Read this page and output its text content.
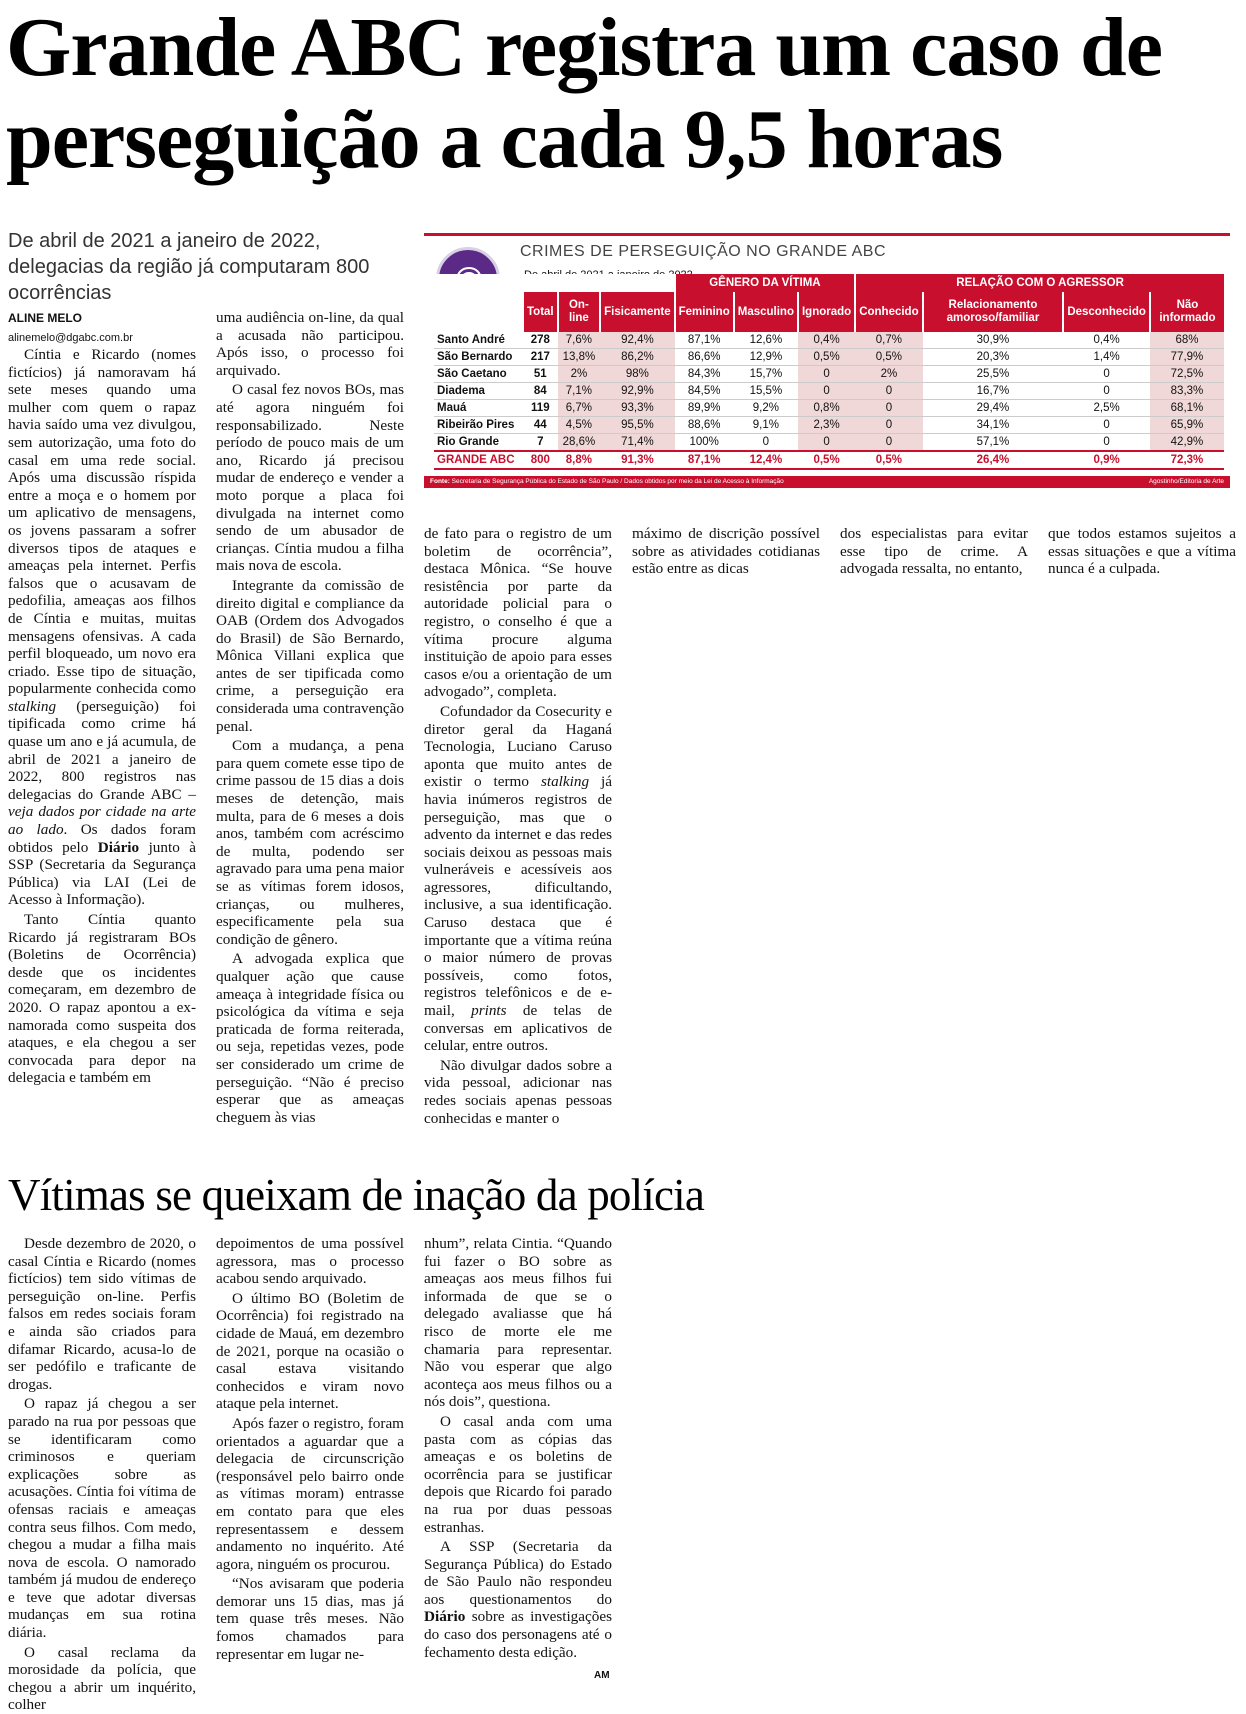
Grande ABC registra um caso de perseguição a cada 9,5 horas
De abril de 2021 a janeiro de 2022, delegacias da região já computaram 800 ocorrências
ALINE MELO
alinemelo@dgabc.com.br

Cíntia e Ricardo (nomes fictícios) já namoravam há sete meses quando uma mulher com quem o rapaz havia saído uma vez divulgou, sem autorização, uma foto do casal em uma rede social. Após uma discussão ríspida entre a moça e o homem por um aplicativo de mensagens, os jovens passaram a sofrer diversos tipos de ataques e ameaças pela internet. Perfis falsos que o acusavam de pedofilia, ameaças aos filhos de Cíntia e muitas, muitas mensagens ofensivas. A cada perfil bloqueado, um novo era criado. Esse tipo de situação, popularmente conhecida como stalking (perseguição) foi tipificada como crime há quase um ano e já acumula, de abril de 2021 a janeiro de 2022, 800 registros nas delegacias do Grande ABC – veja dados por cidade na arte ao lado. Os dados foram obtidos pelo Diário junto à SSP (Secretaria da Segurança Pública) via LAI (Lei de Acesso à Informação).

Tanto Cíntia quanto Ricardo já registraram BOs (Boletins de Ocorrência) desde que os incidentes começaram, em dezembro de 2020. O rapaz apontou a ex-namorada como suspeita dos ataques, e ela chegou a ser convocada para depor na delegacia e também em

uma audiência on-line, da qual a acusada não participou. Após isso, o processo foi arquivado.

O casal fez novos BOs, mas até agora ninguém foi responsabilizado. Neste período de pouco mais de um ano, Ricardo já precisou mudar de endereço e vender a moto porque a placa foi divulgada na internet como sendo de um abusador de crianças. Cíntia mudou a filha mais nova de escola.

Integrante da comissão de direito digital e compliance da OAB (Ordem dos Advogados do Brasil) de São Bernardo, Mônica Villani explica que antes de ser tipificada como crime, a perseguição era considerada uma contravenção penal.

Com a mudança, a pena para quem comete esse tipo de crime passou de 15 dias a dois meses de detenção, mais multa, para de 6 meses a dois anos, também com acréscimo de multa, podendo ser agravado para uma pena maior se as vítimas forem idosos, crianças, ou mulheres, especificamente pela sua condição de gênero.

A advogada explica que qualquer ação que cause ameaça à integridade física ou psicológica da vítima e seja praticada de forma reiterada, ou seja, repetidas vezes, pode ser considerado um crime de perseguição. “Não é preciso esperar que as ameaças cheguem às vias

de fato para o registro de um boletim de ocorrência”, destaca Mônica. “Se houve resistência por parte da autoridade policial para o registro, o conselho é que a vítima procure alguma instituição de apoio para esses casos e/ou a orientação de um advogado”, completa.

Cofundador da Cosecurity e diretor geral da Haganá Tecnologia, Luciano Caruso aponta que muito antes de existir o termo stalking já havia inúmeros registros de perseguição, mas que o advento da internet e das redes sociais deixou as pessoas mais vulneráveis e acessíveis aos agressores, dificultando, inclusive, a sua identificação. Caruso destaca que é importante que a vítima reúna o maior número de provas possíveis, como fotos, registros telefônicos e de e-mail, prints de telas de conversas em aplicativos de celular, entre outros.

Não divulgar dados sobre a vida pessoal, adicionar nas redes sociais apenas pessoas conhecidas e manter o

máximo de discrição possível sobre as atividades cotidianas estão entre as dicas

dos especialistas para evitar esse tipo de crime. A advogada ressalta, no entanto,

que todos estamos sujeitos a essas situações e que a vítima nunca é a culpada.

CRIMES DE PERSEGUIÇÃO NO GRANDE ABC
				GÊNERO DA VÍTIMA			RELAÇÃO COM O AGRESSOR			
	Total	On-line	Fisicamente	Feminino	Masculino	Ignorado	Conhecido	Relacionamento amoroso/familiar	Desconhecido	Não informado
Santo André	278	7,6%	92,4%	87,1%	12,6%	0,4%	0,7%	30,9%	0,4%	68%
São Bernardo	217	13,8%	86,2%	86,6%	12,9%	0,5%	0,5%	20,3%	1,4%	77,9%
São Caetano	51	2%	98%	84,3%	15,7%	0	2%	25,5%	0	72,5%
Diadema	84	7,1%	92,9%	84,5%	15,5%	0	0	16,7%	0	83,3%
Mauá	119	6,7%	93,3%	89,9%	9,2%	0,8%	0	29,4%	2,5%	68,1%
Ribeirão Pires	44	4,5%	95,5%	88,6%	9,1%	2,3%	0	34,1%	0	65,9%
Rio Grande	7	28,6%	71,4%	100%	0	0	0	57,1%	0	42,9%
GRANDE ABC	800	8,8%	91,3%	87,1%	12,4%	0,5%	0,5%	26,4%	0,9%	72,3%
Fonte: Secretaria de Segurança Pública do Estado de São Paulo / Dados obtidos por meio da Lei de Acesso à Informação	Agostinho/Editoria de Arte
Vítimas se queixam de inação da polícia

Desde dezembro de 2020, o casal Cíntia e Ricardo (nomes fictícios) tem sido vítimas de perseguição on-line. Perfis falsos em redes sociais foram e ainda são criados para difamar Ricardo, acusa-lo de ser pedófilo e traficante de drogas.

O rapaz já chegou a ser parado na rua por pessoas que se identificaram como criminosos e queriam explicações sobre as acusações. Cíntia foi vítima de ofensas raciais e ameaças contra seus filhos. Com medo, chegou a mudar a filha mais nova de escola. O namorado também já mudou de endereço e teve que adotar diversas mudanças em sua rotina diária.

O casal reclama da morosidade da polícia, que chegou a abrir um inquérito, colher

depoimentos de uma possível agressora, mas o processo acabou sendo arquivado.

O último BO (Boletim de Ocorrência) foi registrado na cidade de Mauá, em dezembro de 2021, porque na ocasião o casal estava visitando conhecidos e viram novo ataque pela internet.

Após fazer o registro, foram orientados a aguardar que a delegacia de circunscrição (responsável pelo bairro onde as vítimas moram) entrasse em contato para que eles representassem e dessem andamento no inquérito. Até agora, ninguém os procurou.

“Nos avisaram que poderia demorar uns 15 dias, mas já tem quase três meses. Não fomos chamados para representar em lugar ne-

nhum”, relata Cintia. “Quando fui fazer o BO sobre as ameaças aos meus filhos fui informada de que se o delegado avaliasse que há risco de morte ele me chamaria para representar. Não vou esperar que algo aconteça aos meus filhos ou a nós dois”, questiona.

O casal anda com uma pasta com as cópias das ameaças e os boletins de ocorrência para se justificar depois que Ricardo foi parado na rua por duas pessoas estranhas.

A SSP (Secretaria da Segurança Pública) do Estado de São Paulo não respondeu aos questionamentos do Diário sobre as investigações do caso dos personagens até o fechamento desta edição.

AM
